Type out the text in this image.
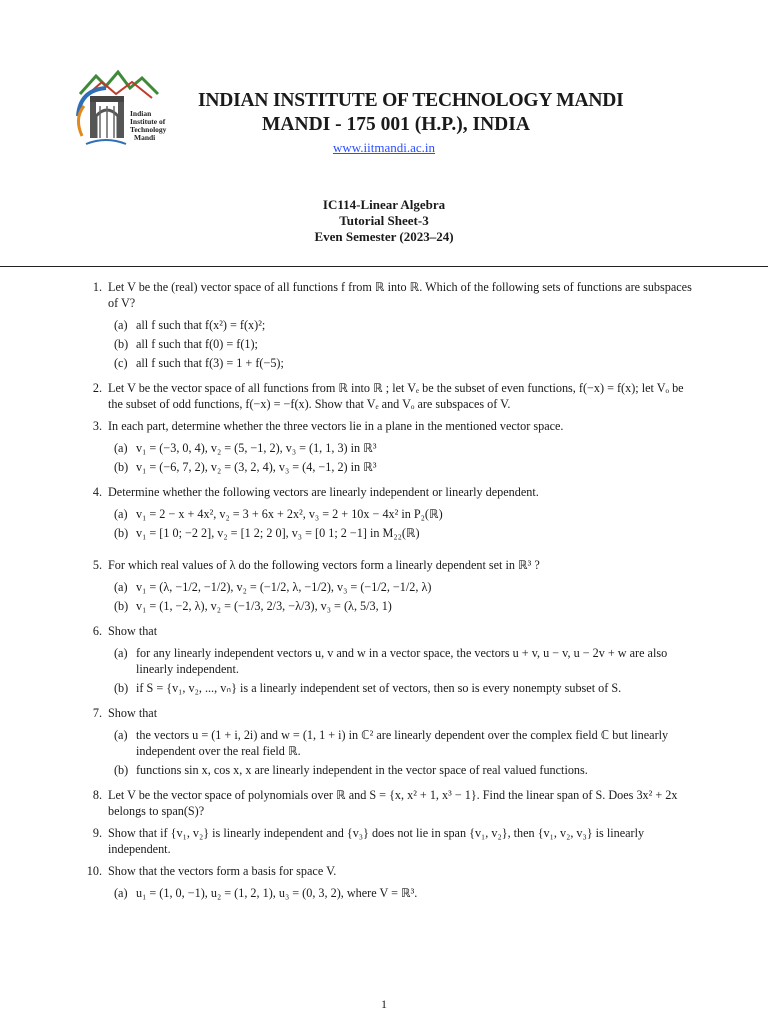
Indian
Institute of
Technology
Mandi
INDIAN INSTITUTE OF TECHNOLOGY MANDI
MANDI - 175 001 (H.P.), INDIA
www.iitmandi.ac.in
IC114-Linear Algebra
Tutorial Sheet-3
Even Semester (2023–24)
1. Let V be the (real) vector space of all functions f from ℝ into ℝ. Which of the following sets of functions are subspaces of V?
(a) all f such that f(x²) = f(x)²;
(b) all f such that f(0) = f(1);
(c) all f such that f(3) = 1 + f(−5);
2. Let V be the vector space of all functions from ℝ into ℝ ; let Vₑ be the subset of even functions, f(−x) = f(x); let Vₒ be the subset of odd functions, f(−x) = −f(x). Show that Vₑ and Vₒ are subspaces of V.
3. In each part, determine whether the three vectors lie in a plane in the mentioned vector space.
(a) v₁ = (−3, 0, 4), v₂ = (5, −1, 2), v₃ = (1, 1, 3) in ℝ³
(b) v₁ = (−6, 7, 2), v₂ = (3, 2, 4), v₃ = (4, −1, 2) in ℝ³
4. Determine whether the following vectors are linearly independent or linearly dependent.
(a) v₁ = 2 − x + 4x², v₂ = 3 + 6x + 2x², v₃ = 2 + 10x − 4x² in P₂(ℝ)
(b) v₁ = [1 0; −2 2], v₂ = [1 2; 2 0], v₃ = [0 1; 2 −1] in M₂₂(ℝ)
5. For which real values of λ do the following vectors form a linearly dependent set in ℝ³ ?
(a) v₁ = (λ, −1/2, −1/2), v₂ = (−1/2, λ, −1/2), v₃ = (−1/2, −1/2, λ)
(b) v₁ = (1, −2, λ), v₂ = (−1/3, 2/3, −λ/3), v₃ = (λ, 5/3, 1)
6. Show that
(a) for any linearly independent vectors u, v and w in a vector space, the vectors u + v, u − v, u − 2v + w are also linearly independent.
(b) if S = {v₁, v₂, ..., vₙ} is a linearly independent set of vectors, then so is every nonempty subset of S.
7. Show that
(a) the vectors u = (1 + i, 2i) and w = (1, 1 + i) in ℂ² are linearly dependent over the complex field ℂ but linearly independent over the real field ℝ.
(b) functions sin x, cos x, x are linearly independent in the vector space of real valued functions.
8. Let V be the vector space of polynomials over ℝ and S = {x, x² + 1, x³ − 1}. Find the linear span of S. Does 3x² + 2x belongs to span(S)?
9. Show that if {v₁, v₂} is linearly independent and {v₃} does not lie in span {v₁, v₂}, then {v₁, v₂, v₃} is linearly independent.
10. Show that the vectors form a basis for space V.
(a) u₁ = (1, 0, −1), u₂ = (1, 2, 1), u₃ = (0, 3, 2), where V = ℝ³.
1
